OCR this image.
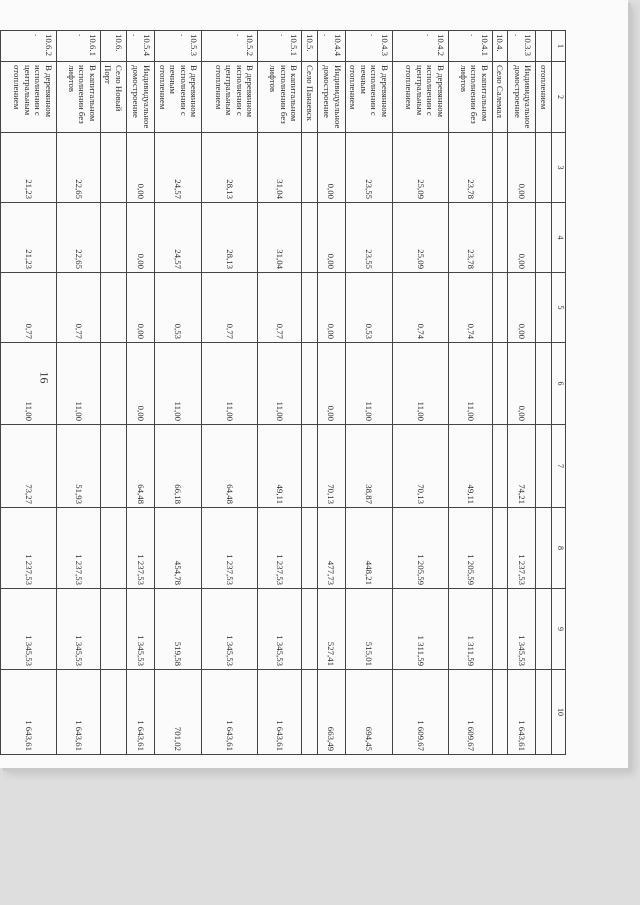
16
1	2	3	4	5	6	7	8	9	10
	отоплением								
10.3.3.	Индивидуальное домостроение	0,00	0,00	0,00	0,00	74,21	1 237,53	1 345,53	1 643,61
10.4.	Село Салемал								
10.4.1.	В капитальном исполнении без лифтов	23,78	23,78	0,74	11,00	49,11	1 205,59	1 311,59	1 609,67
10.4.2.	В деревянном исполнении с центральным отоплением	25,09	25,09	0,74	11,00	70,13	1 205,59	1 311,59	1 609,67
10.4.3.	В деревянном исполнении с печным отоплением	23,55	23,55	0,53	11,00	38,87	448,21	515,01	694,45
10.4.4.	Индивидуальное домостроение	0,00	0,00	0,00	0,00	70,13	477,73	527,41	663,49
10.5.	Село Панаевск								
10.5.1.	В капитальном исполнении без лифтов	31,04	31,04	0,77	11,00	49,11	1 237,53	1 345,53	1 643,61
10.5.2.	В деревянном исполнении с центральным отоплением	28,13	28,13	0,77	11,00	64,48	1 237,53	1 345,53	1 643,61
10.5.3.	В деревянном исполнении с печным отоплением	24,57	24,57	0,53	11,00	66,18	454,78	519,58	701,02
10.5.4.	Индивидуальное домостроение	0,00	0,00	0,00	0,00	64,48	1 237,53	1 345,53	1 643,61
10.6.	Село Новый Порт								
10.6.1.	В капитальном исполнении без лифтов	22,65	22,65	0,77	11,00	51,93	1 237,53	1 345,53	1 643,61
10.6.2.	В деревянном исполнении с центральным отоплением	21,23	21,23	0,77	11,00	73,27	1 237,53	1 345,53	1 643,61
